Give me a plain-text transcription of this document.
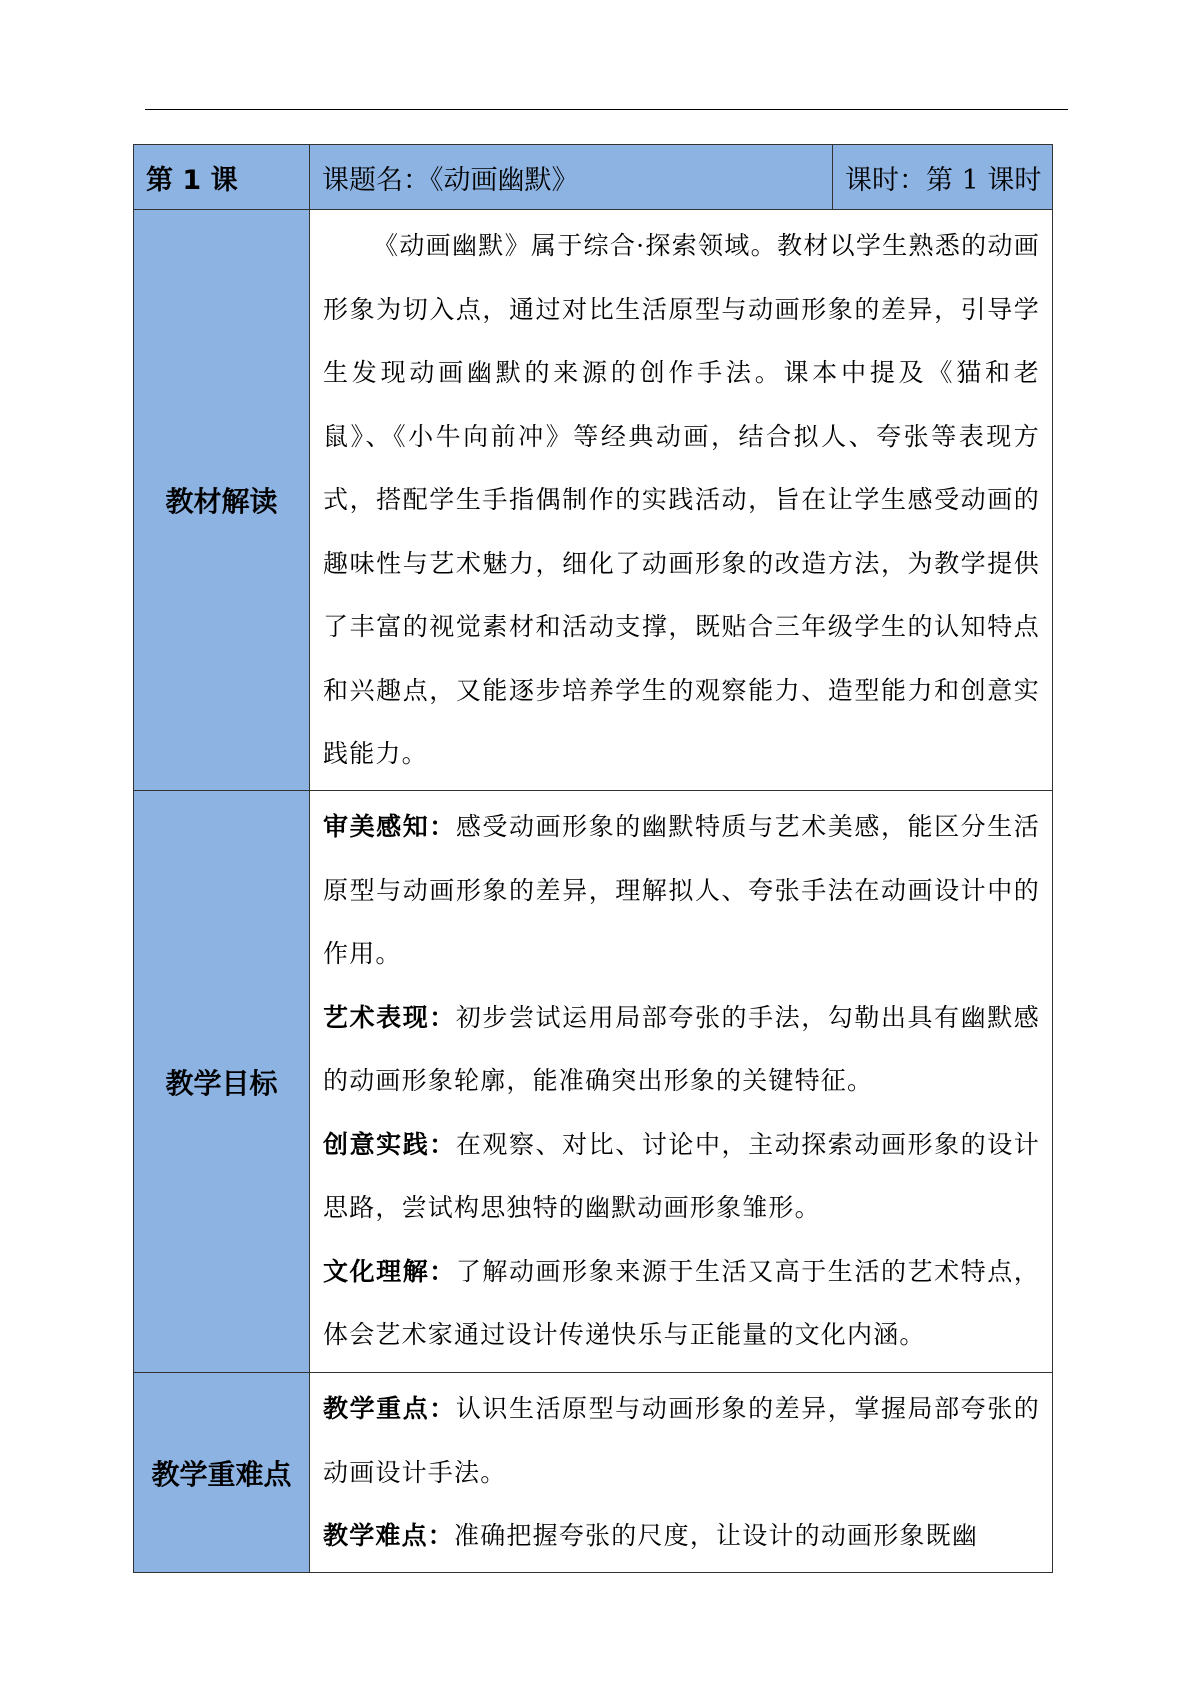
第 1 课	课题名：《动画幽默》	课时：第 1 课时
教材解读	《动画幽默》属于综合·探索领域。教材以学生熟悉的动画形象为切入点，通过对比生活原型与动画形象的差异，引导学生发现动画幽默的来源的创作手法。课本中提及《猫和老鼠》、《小牛向前冲》等经典动画，结合拟人、夸张等表现方式，搭配学生手指偶制作的实践活动，旨在让学生感受动画的趣味性与艺术魅力，细化了动画形象的改造方法，为教学提供了丰富的视觉素材和活动支撑，既贴合三年级学生的认知特点和兴趣点，又能逐步培养学生的观察能力、造型能力和创意实践能力。	

教学目标	审美感知：感受动画形象的幽默特质与艺术美感，能区分生活原型与动画形象的差异，理解拟人、夸张手法在动画设计中的作用。

艺术表现：初步尝试运用局部夸张的手法，勾勒出具有幽默感的动画形象轮廓，能准确突出形象的关键特征。

创意实践：在观察、对比、讨论中，主动探索动画形象的设计思路，尝试构思独特的幽默动画形象雏形。

文化理解：了解动画形象来源于生活又高于生活的艺术特点，体会艺术家通过设计传递快乐与正能量的文化内涵。	

教学重难点	教学重点：认识生活原型与动画形象的差异，掌握局部夸张的动画设计手法。

教学难点：准确把握夸张的尺度，让设计的动画形象既幽	
